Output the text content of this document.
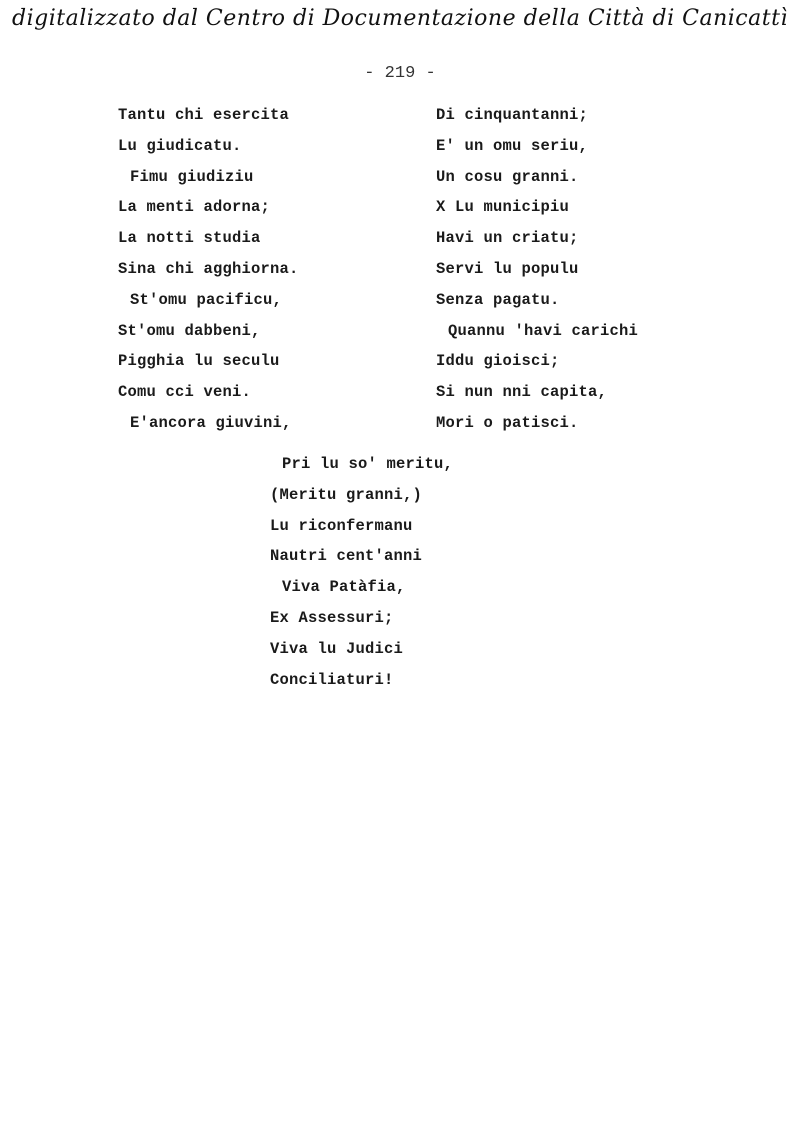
digitalizzato dal Centro di Documentazione della Città di Canicattì
- 219 -
Tantu chi esercita
Lu giudicatu.
Fimu giudiziu
La menti adorna;
La notti studia
Sina chi agghiorna.
St'omu pacificu,
St'omu dabbeni,
Pigghia lu seculu
Comu cci veni.
E'ancora giuvini,
Di cinquantanni;
E' un omu seriu,
Un cosu granni.
X Lu municipiu
Havi un criatu;
Servi lu populu
Senza pagatu.
Quannu 'havi carichi
Iddu gioisci;
Si nun nni capita,
Mori o patisci.
Pri lu so' meritu,
(Meritu granni,)
Lu riconfermanu
Nautri cent'anni
Viva Patàfia,
Ex Assessuri;
Viva lu Judici
Conciliaturi!
